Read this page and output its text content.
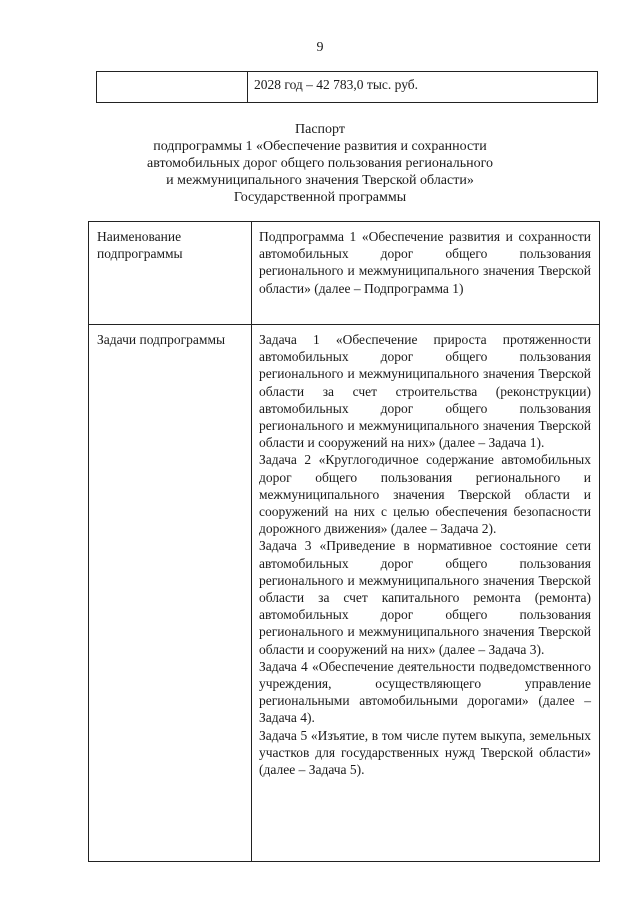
9
	2028 год – 42 783,0 тыс. руб.
Паспорт
подпрограммы 1 «Обеспечение развития и сохранности
автомобильных дорог общего пользования регионального
и межмуниципального значения Тверской области»
Государственной программы
Наименование подпрограммы	Подпрограмма 1 «Обеспечение развития и сохранности автомобильных дорог общего пользования регионального и межмуниципального значения Тверской области» (далее – Подпрограмма 1)

Задачи подпрограммы	Задача 1 «Обеспечение прироста протяженности автомобильных дорог общего пользования регионального и межмуниципального значения Тверской области за счет строительства (реконструкции) автомобильных дорог общего пользования регионального и межмуниципального значения Тверской области и сооружений на них» (далее – Задача 1).

Задача 2 «Круглогодичное содержание автомобильных дорог общего пользования регионального и межмуниципального значения Тверской области и сооружений на них с целью обеспечения безопасности дорожного движения» (далее – Задача 2).

Задача 3 «Приведение в нормативное состояние сети автомобильных дорог общего пользования регионального и межмуниципального значения Тверской области за счет капитального ремонта (ремонта) автомобильных дорог общего пользования регионального и межмуниципального значения Тверской области и сооружений на них» (далее – Задача 3).

Задача 4 «Обеспечение деятельности подведомственного учреждения, осуществляющего управление региональными автомобильными дорогами» (далее – Задача 4).

Задача 5 «Изъятие, в том числе путем выкупа, земельных участков для государственных нужд Тверской области» (далее – Задача 5).
